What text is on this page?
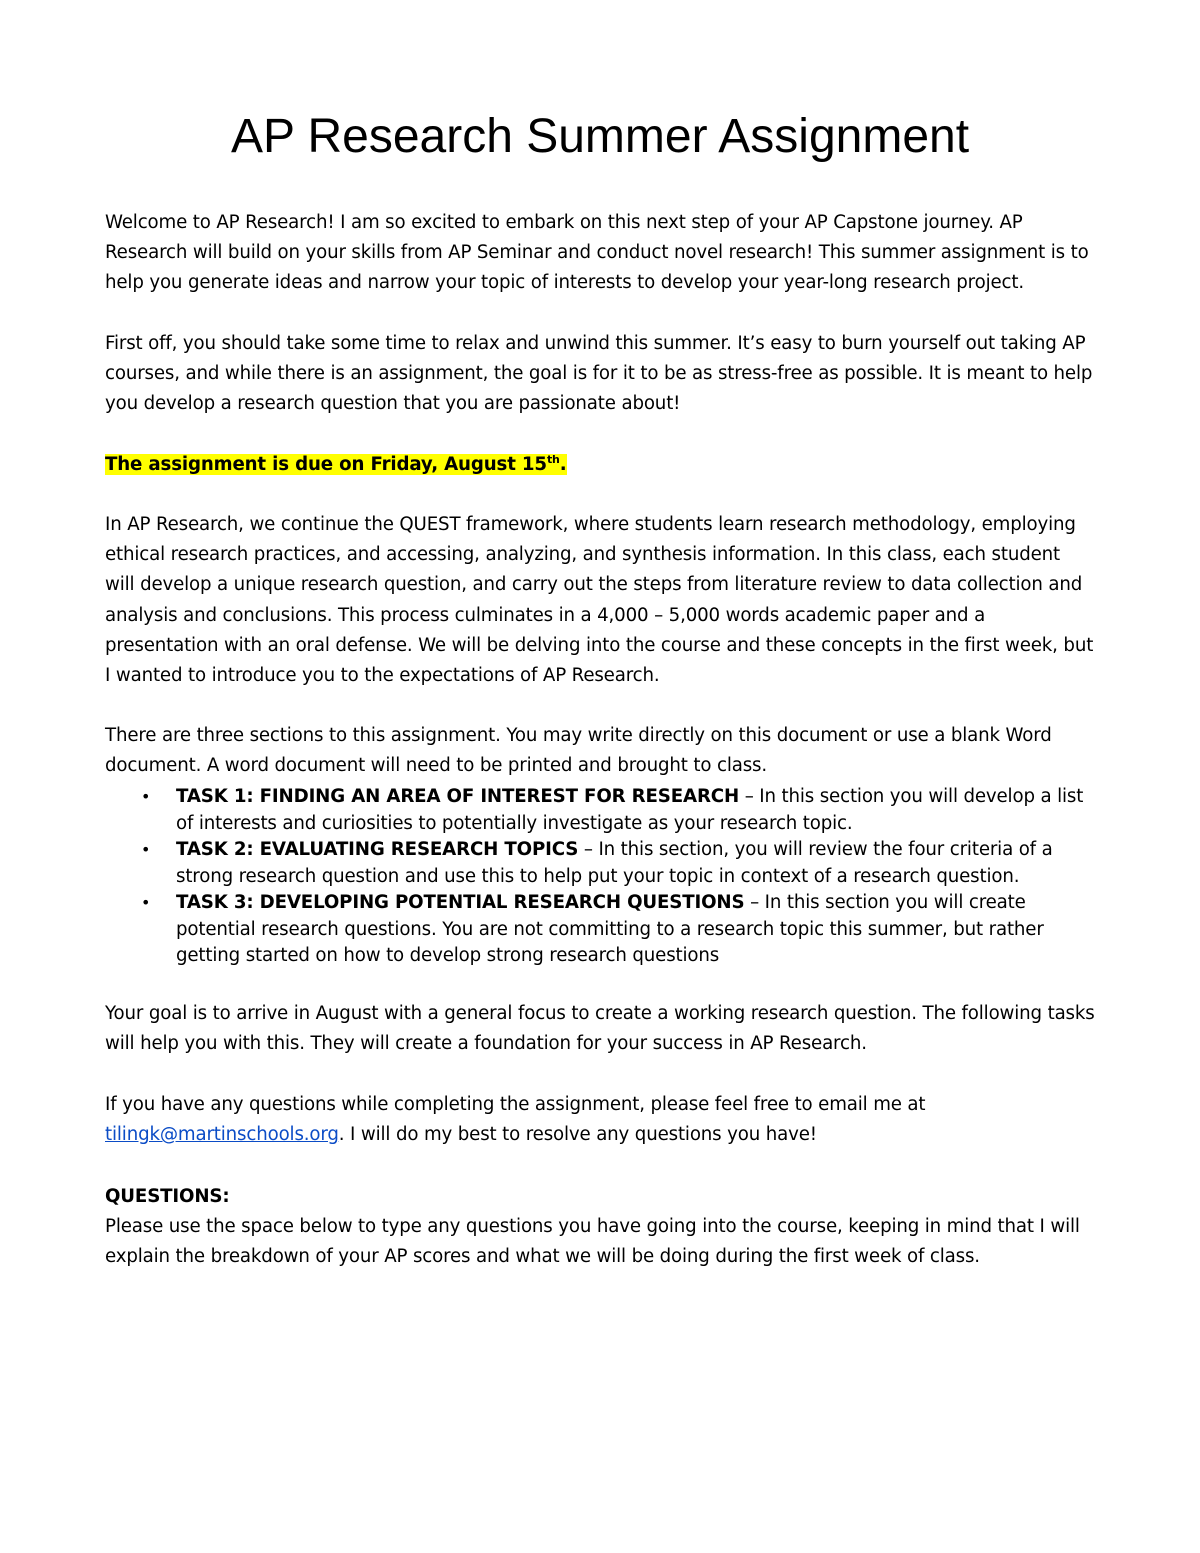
AP Research Summer Assignment

Welcome to AP Research! I am so excited to embark on this next step of your AP Capstone journey. AP Research will build on your skills from AP Seminar and conduct novel research! This summer assignment is to help you generate ideas and narrow your topic of interests to develop your year-long research project.

First off, you should take some time to relax and unwind this summer. It’s easy to burn yourself out taking AP courses, and while there is an assignment, the goal is for it to be as stress-free as possible. It is meant to help you develop a research question that you are passionate about!

The assignment is due on Friday, August 15th.

In AP Research, we continue the QUEST framework, where students learn research methodology, employing ethical research practices, and accessing, analyzing, and synthesis information. In this class, each student will develop a unique research question, and carry out the steps from literature review to data collection and analysis and conclusions. This process culminates in a 4,000 – 5,000 words academic paper and a presentation with an oral defense. We will be delving into the course and these concepts in the first week, but I wanted to introduce you to the expectations of AP Research.

There are three sections to this assignment. You may write directly on this document or use a blank Word document. A word document will need to be printed and brought to class.

• TASK 1: FINDING AN AREA OF INTEREST FOR RESEARCH – In this section you will develop a list of interests and curiosities to potentially investigate as your research topic.
• TASK 2: EVALUATING RESEARCH TOPICS – In this section, you will review the four criteria of a strong research question and use this to help put your topic in context of a research question.
• TASK 3: DEVELOPING POTENTIAL RESEARCH QUESTIONS – In this section you will create potential research questions. You are not committing to a research topic this summer, but rather getting started on how to develop strong research questions

Your goal is to arrive in August with a general focus to create a working research question. The following tasks will help you with this. They will create a foundation for your success in AP Research.

If you have any questions while completing the assignment, please feel free to email me at tilingk@martinschools.org. I will do my best to resolve any questions you have!

QUESTIONS:

Please use the space below to type any questions you have going into the course, keeping in mind that I will explain the breakdown of your AP scores and what we will be doing during the first week of class.
